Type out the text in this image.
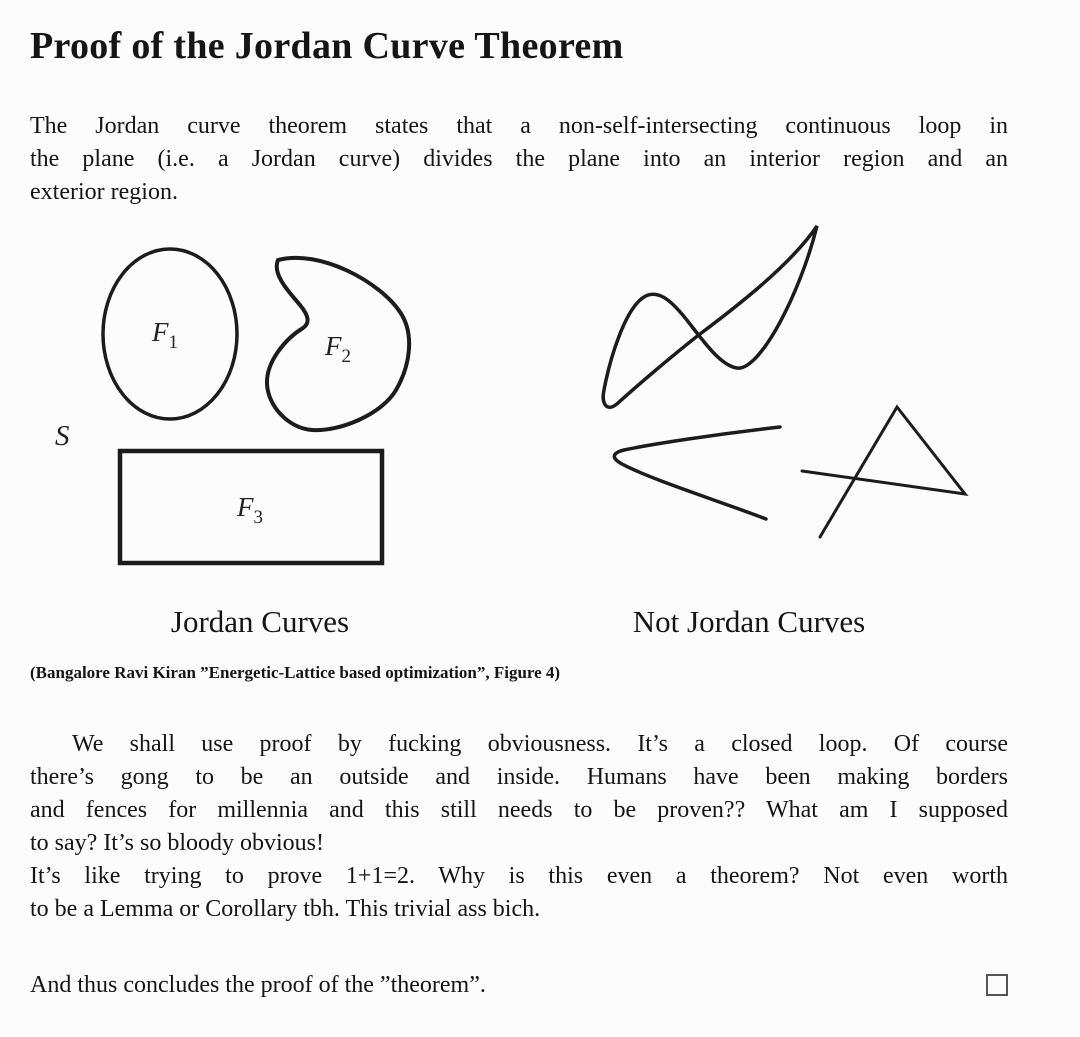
Proof of the Jordan Curve Theorem
The Jordan curve theorem states that a non-self-intersecting continuous loop in
the plane (i.e. a Jordan curve) divides the plane into an interior region and an
exterior region.
$F_1$	$F_2$
$F_3$
S
Jordan Curves	Not Jordan Curves
(Bangalore Ravi Kiran ”Energetic-Lattice based optimization”, Figure 4)
We shall use proof by fucking obviousness. It’s a closed loop. Of course
there’s gong to be an outside and inside. Humans have been making borders
and fences for millennia and this still needs to be proven?? What am I supposed
to say? It’s so bloody obvious!
It’s like trying to prove 1+1=2. Why is this even a theorem? Not even worth
to be a Lemma or Corollary tbh. This trivial ass bich.
And thus concludes the proof of the ”theorem”.
